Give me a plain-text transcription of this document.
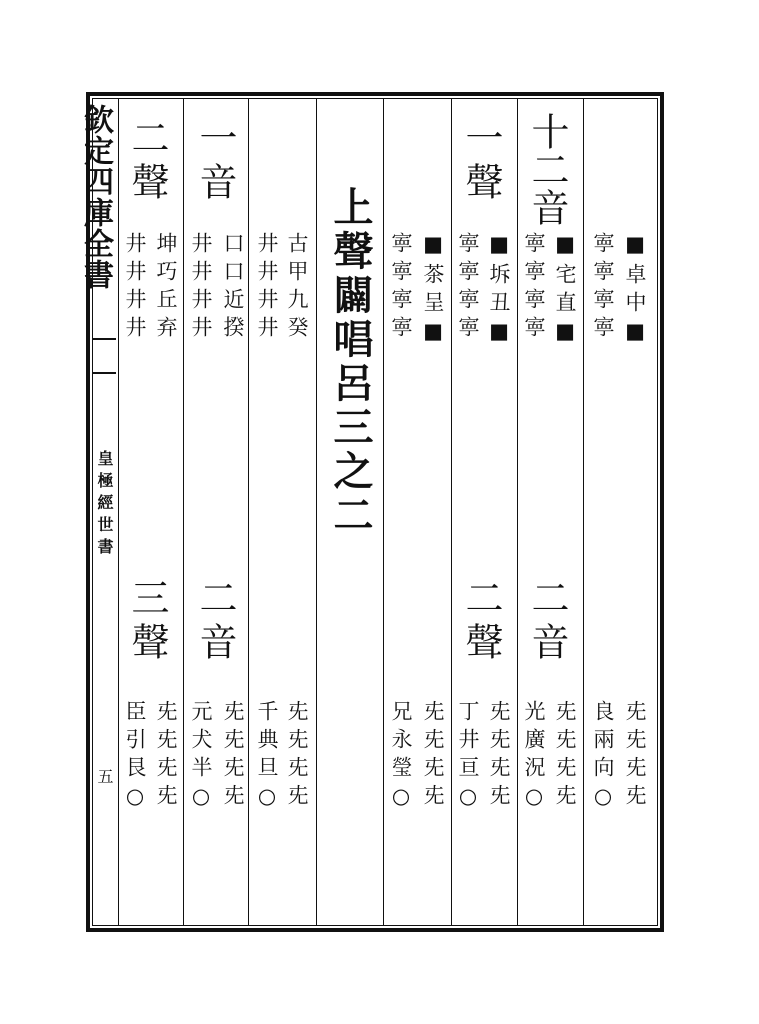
欽定四庫全書
皇極經世書
五
二聲
坤巧丘弃
井井井井
三聲
兂兂兂兂
臣引艮○
一音
口口近揆
井井井井
二音
兂兂兂兂
元犬半○
古甲九癸
井井井井
兂兂兂兂
千典旦○
上聲闢唱呂三之二 ■茶呈■
寕寕寕寕
兂兂兂兂
兄永瑩○
一聲
■坼丑■
寕寕寕寕
二聲
兂兂兂兂
丁井亘○
十二音
■宅直■
寕寕寕寕
二音
兂兂兂兂
光廣況○
■卓中■
寕寕寕寕
兂兂兂兂
良兩向○
